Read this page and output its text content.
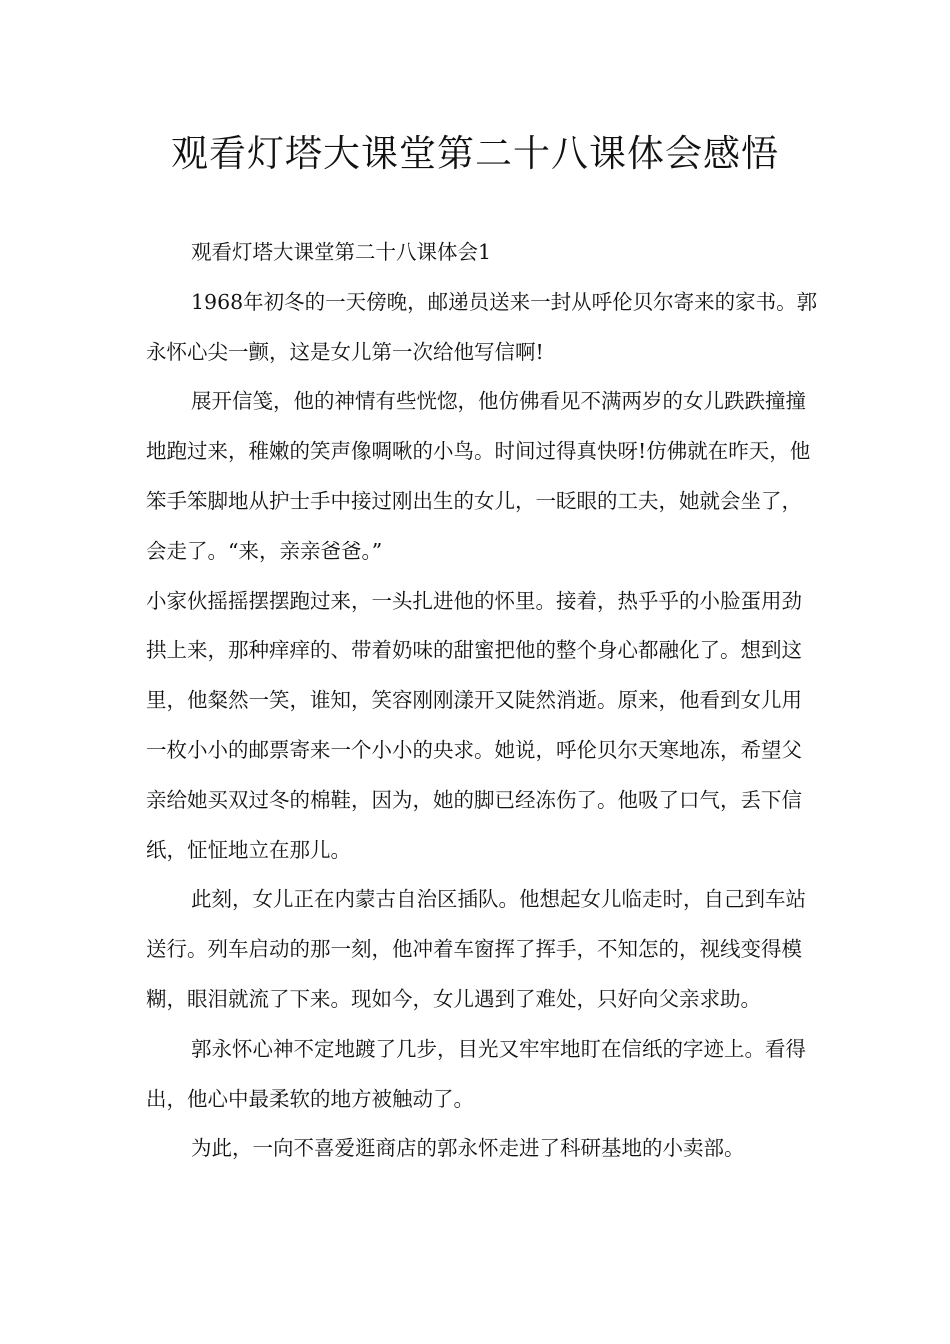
观看灯塔大课堂第二十八课体会感悟

观看灯塔大课堂第二十八课体会1

1968年初冬的一天傍晚，邮递员送来一封从呼伦贝尔寄来的家书。郭永怀心尖一颤，这是女儿第一次给他写信啊!

展开信笺，他的神情有些恍惚，他仿佛看见不满两岁的女儿跌跌撞撞地跑过来，稚嫩的笑声像啁啾的小鸟。时间过得真快呀!仿佛就在昨天，他笨手笨脚地从护士手中接过刚出生的女儿，一眨眼的工夫，她就会坐了，会走了。“来，亲亲爸爸。”

小家伙摇摇摆摆跑过来，一头扎进他的怀里。接着，热乎乎的小脸蛋用劲拱上来，那种痒痒的、带着奶味的甜蜜把他的整个身心都融化了。想到这里，他粲然一笑，谁知，笑容刚刚漾开又陡然消逝。原来，他看到女儿用一枚小小的邮票寄来一个小小的央求。她说，呼伦贝尔天寒地冻，希望父亲给她买双过冬的棉鞋，因为，她的脚已经冻伤了。他吸了口气，丢下信纸，怔怔地立在那儿。

此刻，女儿正在内蒙古自治区插队。他想起女儿临走时，自己到车站送行。列车启动的那一刻，他冲着车窗挥了挥手，不知怎的，视线变得模糊，眼泪就流了下来。现如今，女儿遇到了难处，只好向父亲求助。

郭永怀心神不定地踱了几步，目光又牢牢地盯在信纸的字迹上。看得出，他心中最柔软的地方被触动了。

为此，一向不喜爱逛商店的郭永怀走进了科研基地的小卖部。
